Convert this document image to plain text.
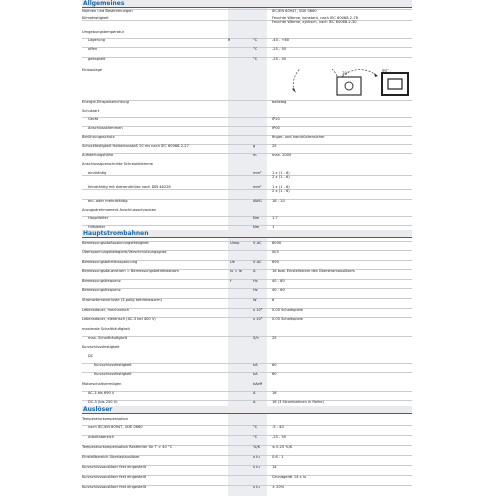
Allgemeines
Normen und Bestimmungen	IEC/EN 60947, VDE 0660
Klimafestigkeit	Feuchte Wärme, konstant, nach IEC 60068-2-78
Feuchte Wärme, zyklisch, nach IEC 60068-2-30
Umgebungstemperatur
Lagerung	θ	°C	-40 - +80
offen	°C	-25 - 55
gekapselt	°C	-25 - 40
Einbaulage
30°
90°
Energie-Einspeiserichtung	beliebig
Schutzart
Gerät	IP20
Anschlussklemmen	IP00
Berührungsschutz	finger- und handrückensicher
Schockfestigkeit Halbsinusstoß 10 ms nach IEC 60068-2-27	g	25
Aufstellungshöhe	m	max. 2000
Anschlussquerschnitte Schraubklemme
eindrähtig	mm²	1 x (1 - 6)
2 x (1 - 6)
feindrähtig mit Aderendhülse nach DIN 46228	mm²	1 x (1 - 6)
2 x (1 - 6)
ein- oder mehrdrähtig	AWG	18 - 10
Anzugsdrehmoment Anschlussschrauben
Hauptleiter	Nm	1.7
Hilfsleiter	Nm	1
Hauptstrombahnen
Bemessungsstoßspannungsfestigkeit	Uimp	V AC	6000
Überspannungskategorie/Verschmutzungsgrad	III/3
Bemessungsbetriebsspannung	Ue	V AC	690
Bemessungsdauerstrom = Bemessungsbetriebsstrom	Iu = Ie	A	16 bzw. Einstellstrom des Überstromauslösers
Bemessungsfrequenz	f	Hz	40 - 60
Bemessungsfrequenz	Hz	40 - 60
Stromwärmeverluste (3-polig betriebswarm)	W	6
Lebensdauer, mechanisch	x 10⁶	0.05 Schaltspiele
Lebensdauer, elektrisch (AC-3 bei 400 V)	x 10⁶	0.05 Schaltspiele
maximale Schalthäufigkeit
max. Schalthäufigkeit	S/h	25
Kurzschlussfestigkeit
DC
Kurzschlussfestigkeit	kA	60
Kurzschlussfestigkeit	kA	60
Motorschaltvermögen	kAeff
AC-3 bis 690 V	A	16
DC-5 (bis 250 V)	A	16 (3 Strombahnen in Reihe)
Auslöser
Temperaturkompensation
nach IEC/EN 60947, VDE 0660	°C	-5 - 40
Arbeitsbereich	°C	-25 - 55
Temperaturkompensation Restfehler für T > 40 °C	%/K	≤ 0.25 %/K
Einstellbereich Überlastauslöser	x Iu	0.6 - 1
Kurzschlussauslöser fest eingestellt	x Iu	14
Kurzschlussauslöser fest eingestellt	Grundgerät 14 x Iu
Kurzschlussauslöser fest eingestellt	x Iu	± 20%
